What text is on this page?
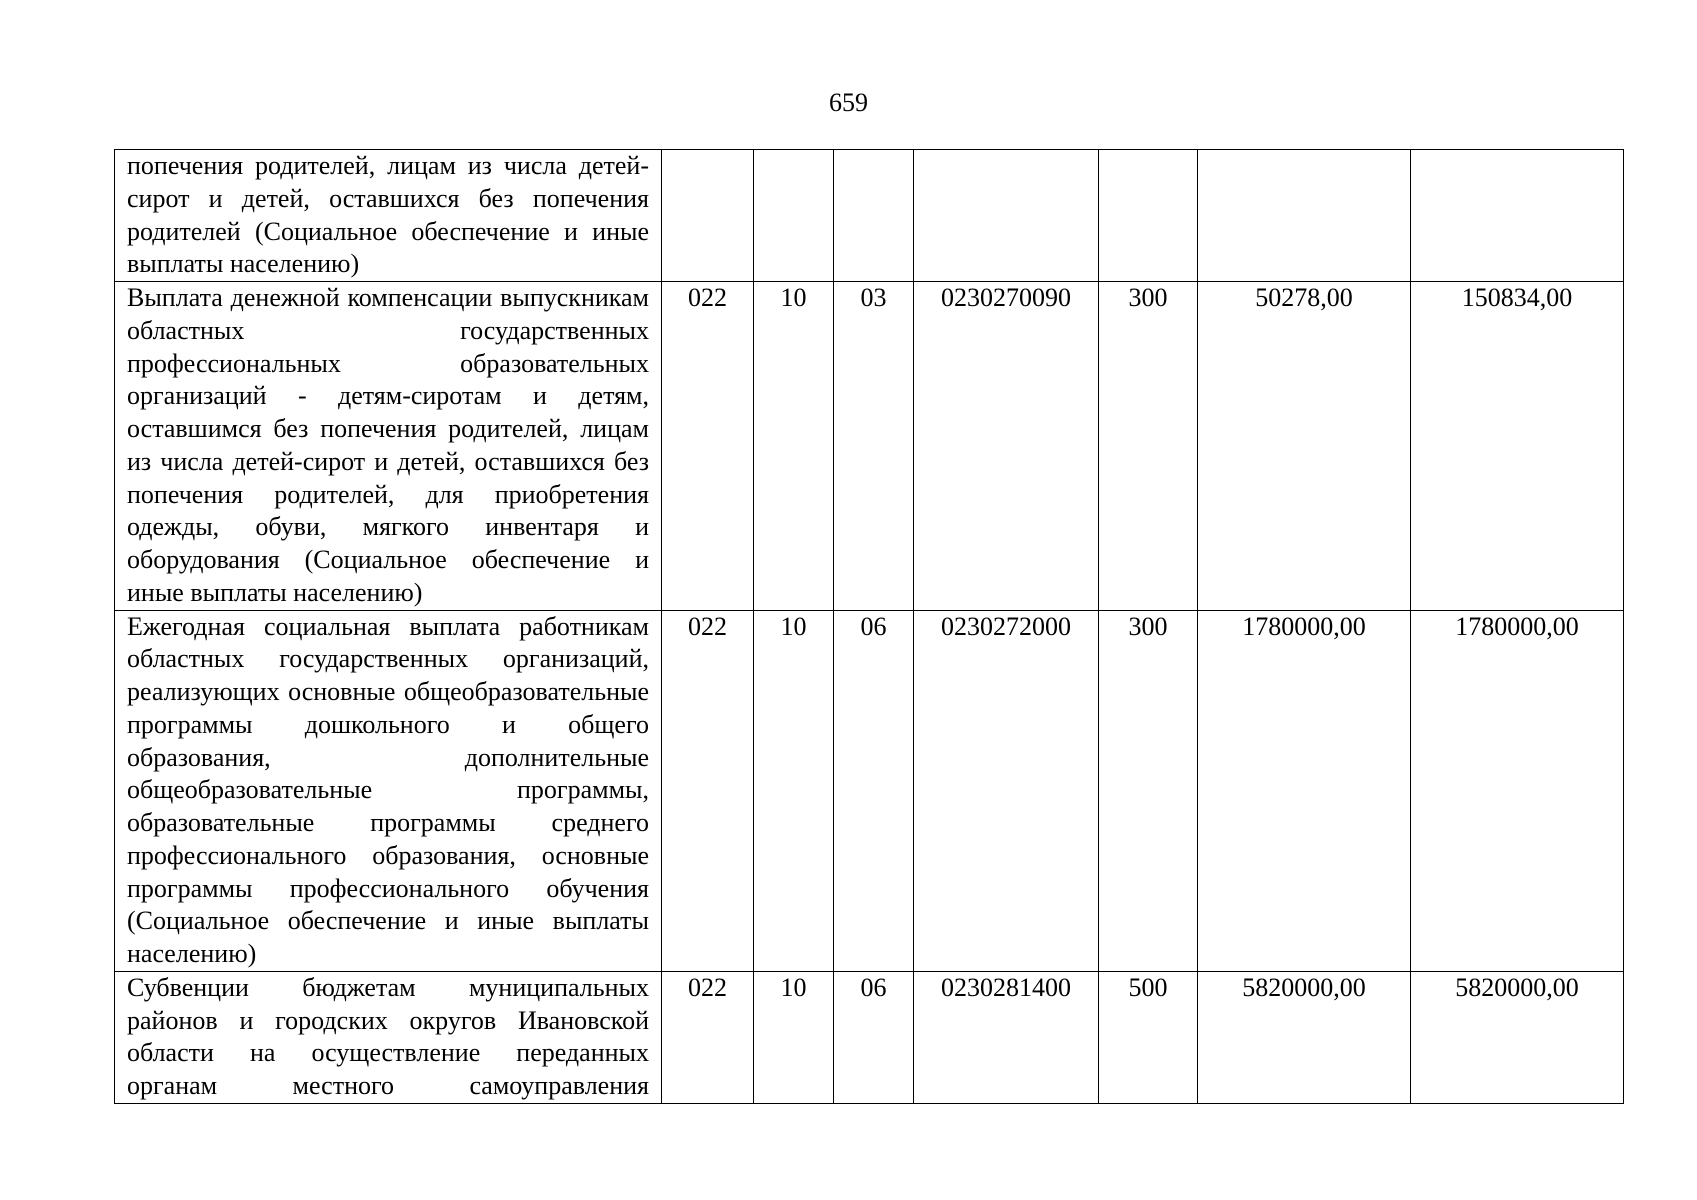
659
попечения родителей, лицам из числа детей-сирот и детей, оставшихся без попечения родителей (Социальное обеспечение и иные выплаты населению)							
Выплата денежной компенсации выпускникам областных государственных профессиональных образовательных организаций - детям-сиротам и детям, оставшимся без попечения родителей, лицам из числа детей-сирот и детей, оставшихся без попечения родителей, для приобретения одежды, обуви, мягкого инвентаря и оборудования (Социальное обеспечение и иные выплаты населению)	022	10	03	0230270090	300	50278,00	150834,00
Ежегодная социальная выплата работникам областных государственных организаций, реализующих основные общеобразовательные программы дошкольного и общего образования, дополнительные общеобразовательные программы, образовательные программы среднего профессионального образования, основные программы профессионального обучения (Социальное обеспечение и иные выплаты населению)	022	10	06	0230272000	300	1780000,00	1780000,00
Субвенции бюджетам муниципальных районов и городских округов Ивановской области на осуществление переданных органам местного самоуправления	022	10	06	0230281400	500	5820000,00	5820000,00
